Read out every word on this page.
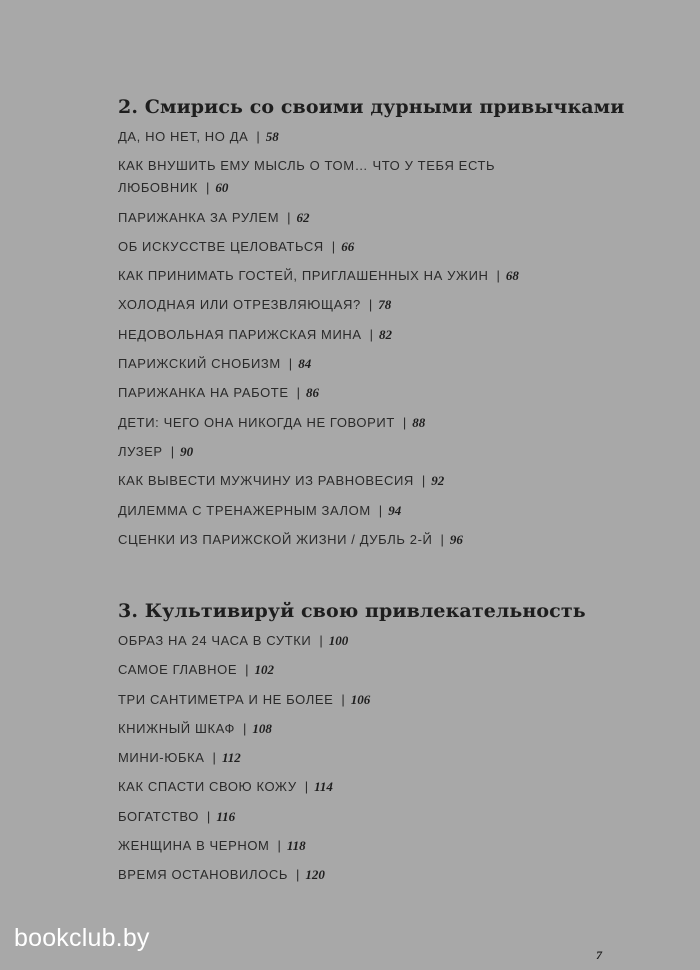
2. Смирись со своими дурными привычками
ДА, НО НЕТ, НО ДА | 58
КАК ВНУШИТЬ ЕМУ МЫСЛЬ О ТОМ… ЧТО У ТЕБЯ ЕСТЬ ЛЮБОВНИК | 60
ПАРИЖАНКА ЗА РУЛЕМ | 62
ОБ ИСКУССТВЕ ЦЕЛОВАТЬСЯ | 66
КАК ПРИНИМАТЬ ГОСТЕЙ, ПРИГЛАШЕННЫХ НА УЖИН | 68
ХОЛОДНАЯ ИЛИ ОТРЕЗВЛЯЮЩАЯ? | 78
НЕДОВОЛЬНАЯ ПАРИЖСКАЯ МИНА | 82
ПАРИЖСКИЙ СНОБИЗМ | 84
ПАРИЖАНКА НА РАБОТЕ | 86
ДЕТИ: ЧЕГО ОНА НИКОГДА НЕ ГОВОРИТ | 88
ЛУЗЕР | 90
КАК ВЫВЕСТИ МУЖЧИНУ ИЗ РАВНОВЕСИЯ | 92
ДИЛЕММА С ТРЕНАЖЕРНЫМ ЗАЛОМ | 94
СЦЕНКИ ИЗ ПАРИЖСКОЙ ЖИЗНИ / ДУБЛЬ 2-Й | 96
3. Культивируй свою привлекательность
ОБРАЗ НА 24 ЧАСА В СУТКИ | 100
САМОЕ ГЛАВНОЕ | 102
ТРИ САНТИМЕТРА И НЕ БОЛЕЕ | 106
КНИЖНЫЙ ШКАФ | 108
МИНИ-ЮБКА | 112
КАК СПАСТИ СВОЮ КОЖУ | 114
БОГАТСТВО | 116
ЖЕНЩИНА В ЧЕРНОМ | 118
ВРЕМЯ ОСТАНОВИЛОСЬ | 120
bookclub.by
7
